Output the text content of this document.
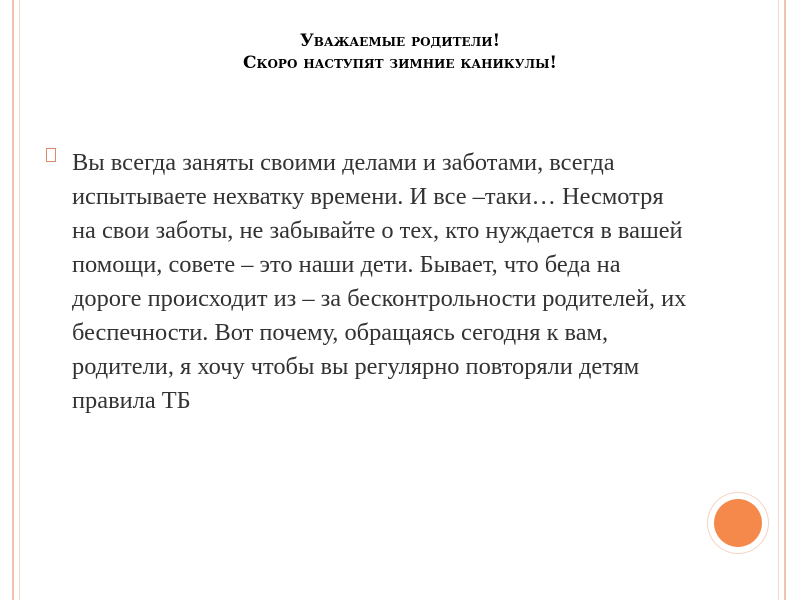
Уважаемые родители!
Скоро наступят зимние каникулы!
Вы всегда заняты своими делами и заботами, всегда испытываете нехватку времени. И все –таки… Несмотря на свои заботы, не забывайте о тех, кто нуждается в вашей помощи, совете – это наши дети. Бывает, что беда на дороге происходит из – за бесконтрольности родителей, их беспечности. Вот почему, обращаясь сегодня к вам, родители, я хочу чтобы вы регулярно повторяли детям правила ТБ
